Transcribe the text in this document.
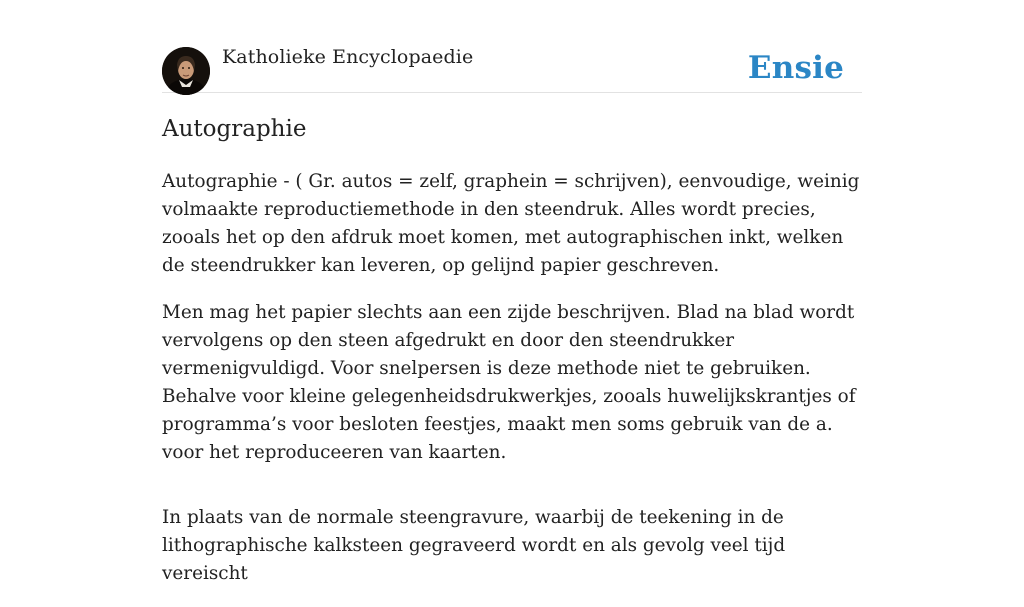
Katholieke Encyclopaedie	Ensie
Autographie

Autographie - ( Gr. autos = zelf, graphein = schrijven), eenvoudige, weinig volmaakte reproductiemethode in den steendruk. Alles wordt precies, zooals het op den afdruk moet komen, met autographischen inkt, welken de steendrukker kan leveren, op gelijnd papier geschreven.

Men mag het papier slechts aan een zijde beschrijven. Blad na blad wordt vervolgens op den steen afgedrukt en door den steendrukker vermenigvuldigd. Voor snelpersen is deze methode niet te gebruiken. Behalve voor kleine gelegenheidsdrukwerkjes, zooals huwelijkskrantjes of programma’s voor besloten feestjes, maakt men soms gebruik van de a. voor het reproduceeren van kaarten.

In plaats van de normale steengravure, waarbij de teekening in de lithographische kalksteen gegraveerd wordt en als gevolg veel tijd vereischt
